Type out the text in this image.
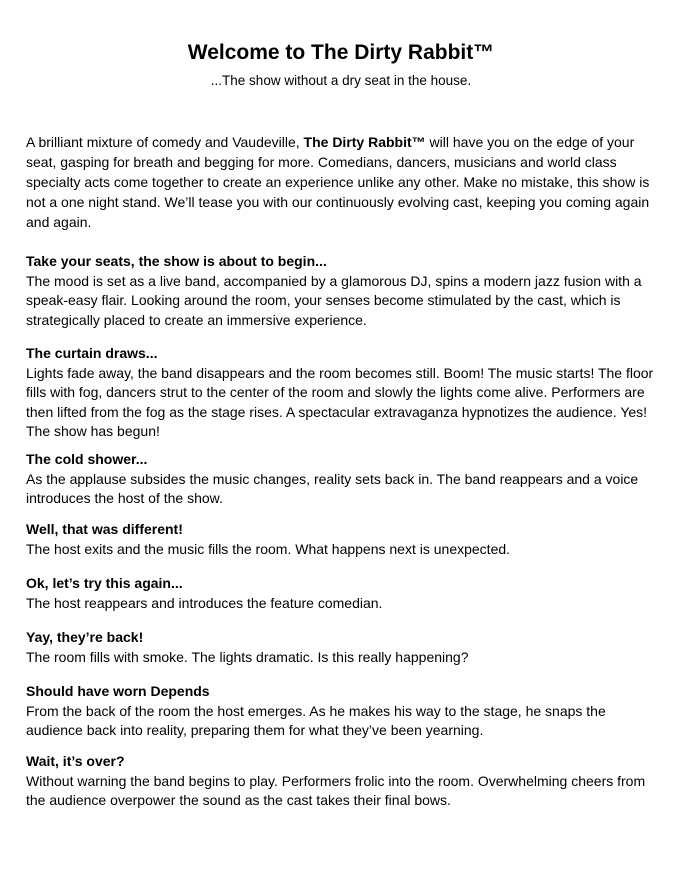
Welcome to The Dirty Rabbit™

...The show without a dry seat in the house.

A brilliant mixture of comedy and Vaudeville, The Dirty Rabbit™ will have you on the edge of your seat, gasping for breath and begging for more. Comedians, dancers, musicians and world class specialty acts come together to create an experience unlike any other. Make no mistake, this show is not a one night stand. We’ll tease you with our continuously evolving cast, keeping you coming again and again.

Take your seats, the show is about to begin...
The mood is set as a live band, accompanied by a glamorous DJ, spins a modern jazz fusion with a speak-easy flair. Looking around the room, your senses become stimulated by the cast, which is strategically placed to create an immersive experience.
The curtain draws...
Lights fade away, the band disappears and the room becomes still. Boom! The music starts! The floor fills with fog, dancers strut to the center of the room and slowly the lights come alive. Performers are then lifted from the fog as the stage rises. A spectacular extravaganza hypnotizes the audience. Yes! The show has begun!
The cold shower...
As the applause subsides the music changes, reality sets back in. The band reappears and a voice introduces the host of the show.
Well, that was different!
The host exits and the music fills the room. What happens next is unexpected.
Ok, let’s try this again...
The host reappears and introduces the feature comedian.
Yay, they’re back!
The room fills with smoke. The lights dramatic. Is this really happening?
Should have worn Depends
From the back of the room the host emerges. As he makes his way to the stage, he snaps the audience back into reality, preparing them for what they’ve been yearning.
Wait, it’s over?
Without warning the band begins to play. Performers frolic into the room. Overwhelming cheers from the audience overpower the sound as the cast takes their final bows.
